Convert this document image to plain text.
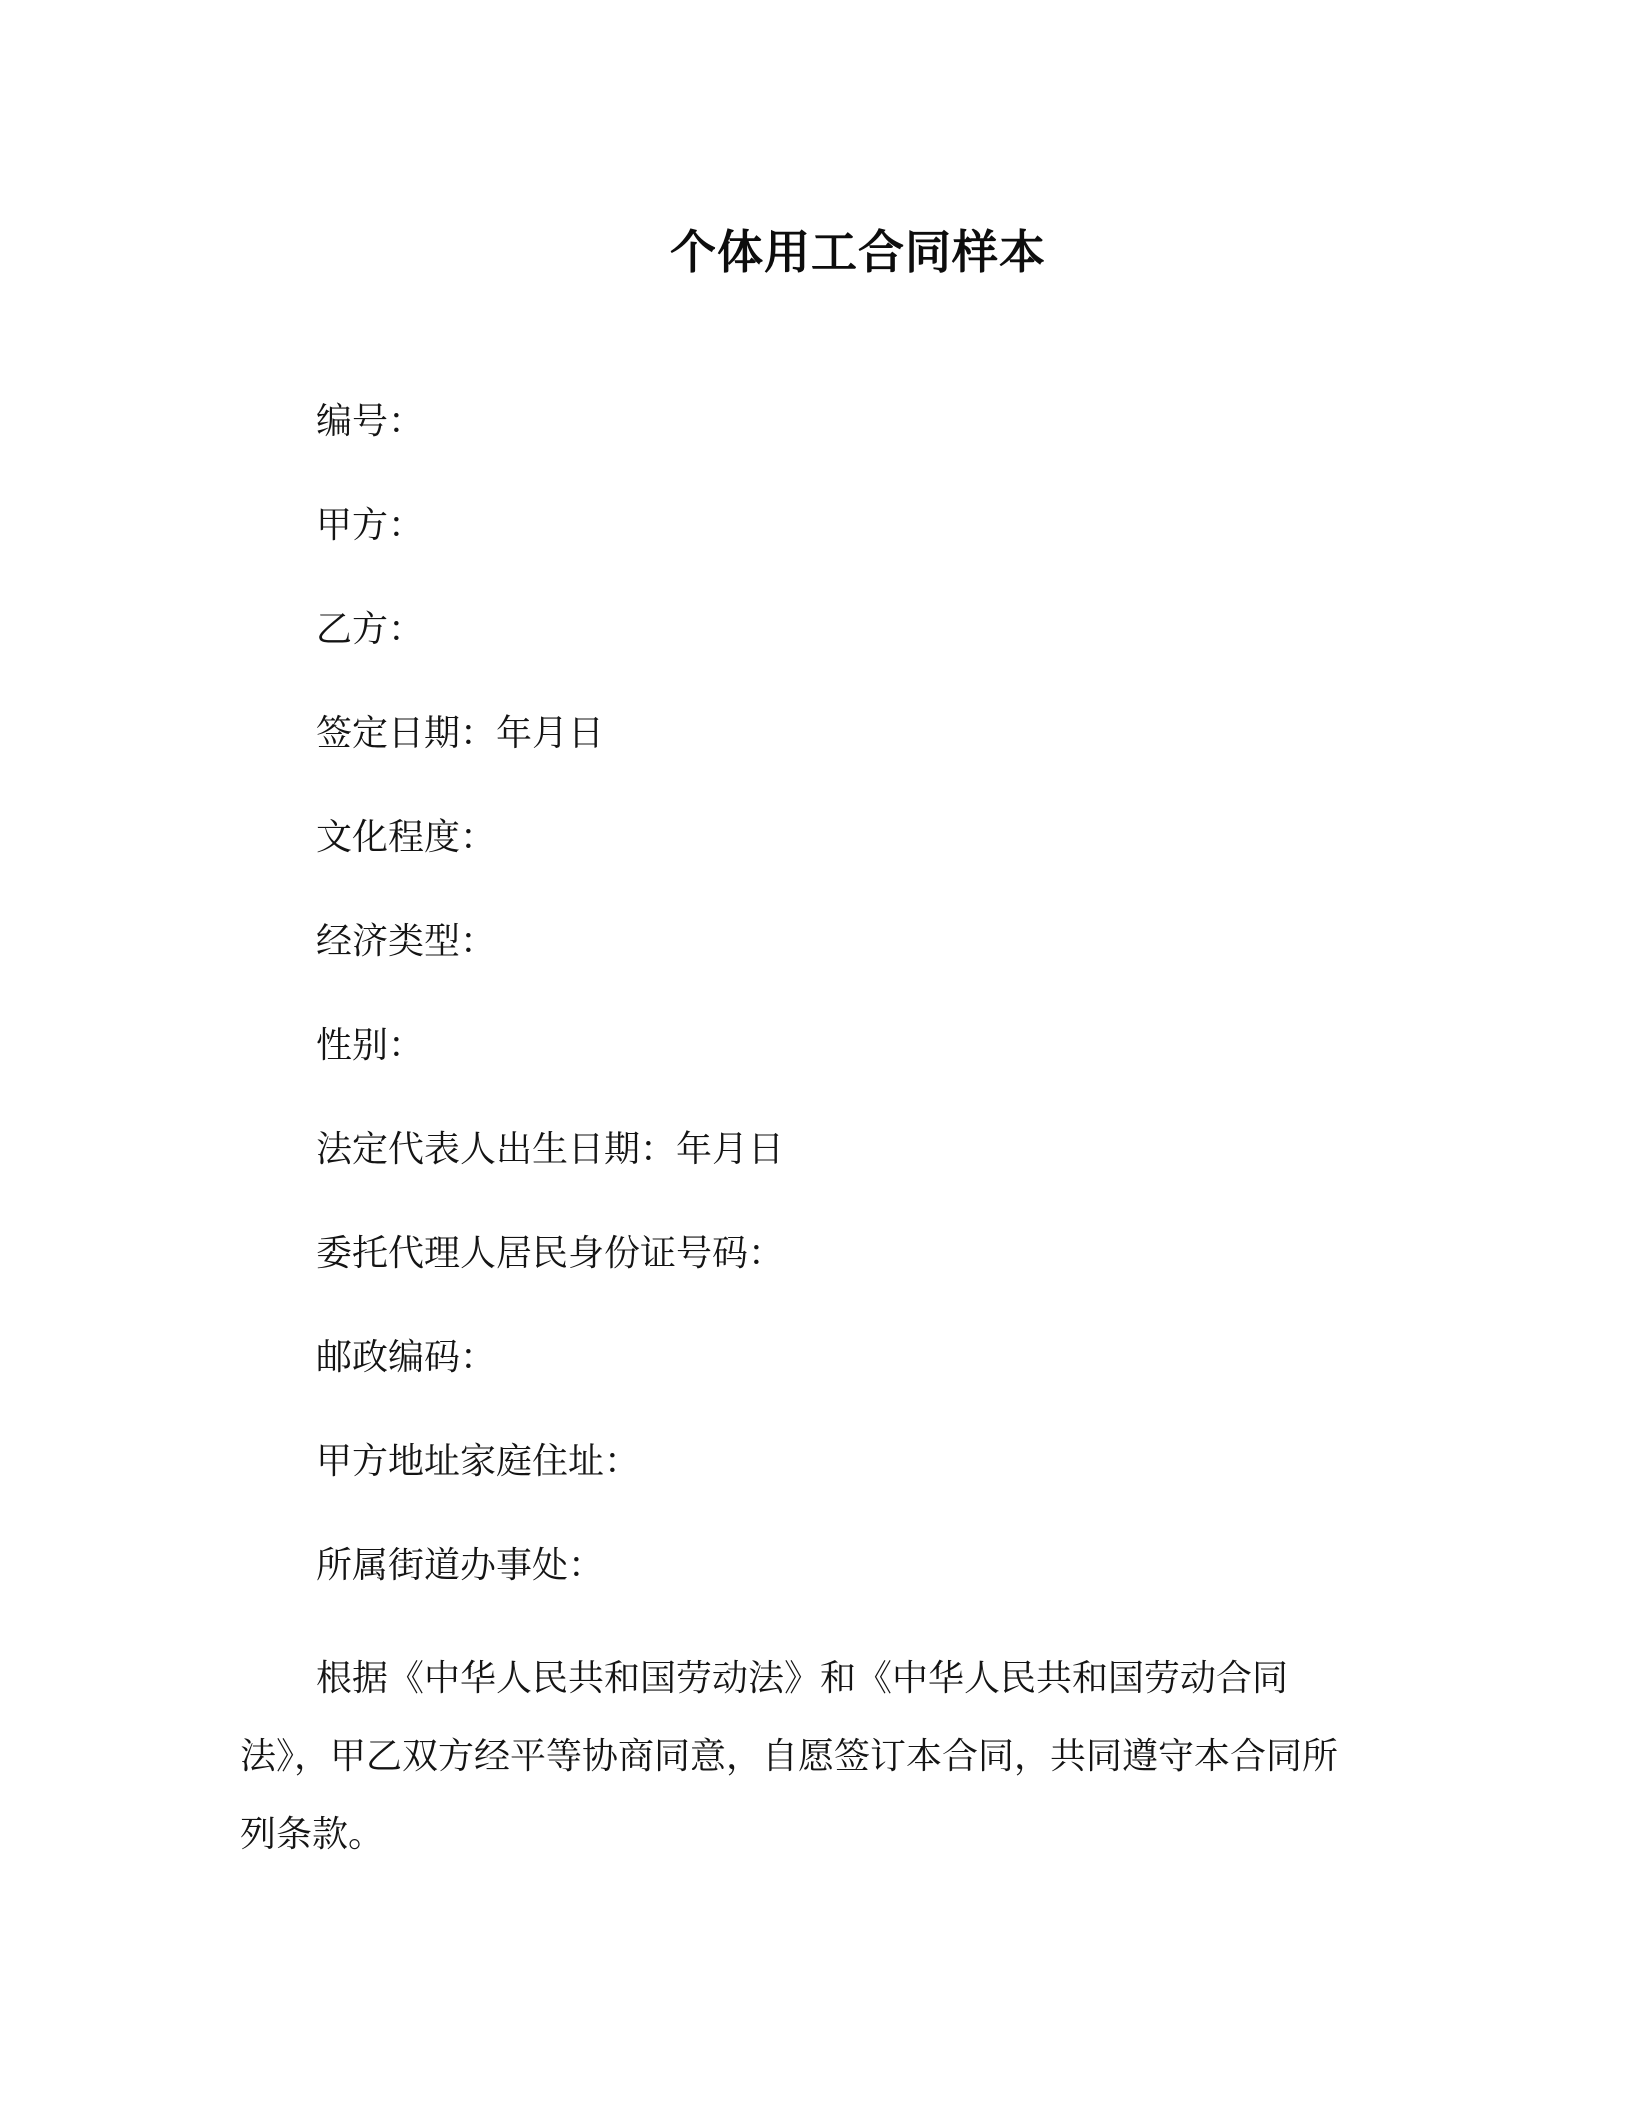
个体用工合同样本
编号：
甲方：
乙方：
签定日期：年月日
文化程度：
经济类型：
性别：
法定代表人出生日期：年月日
委托代理人居民身份证号码：
邮政编码：
甲方地址家庭住址：
所属街道办事处：

根据《中华人民共和国劳动法》和《中华人民共和国劳动合同法》，甲乙双方经平等协商同意，自愿签订本合同，共同遵守本合同所列条款。
